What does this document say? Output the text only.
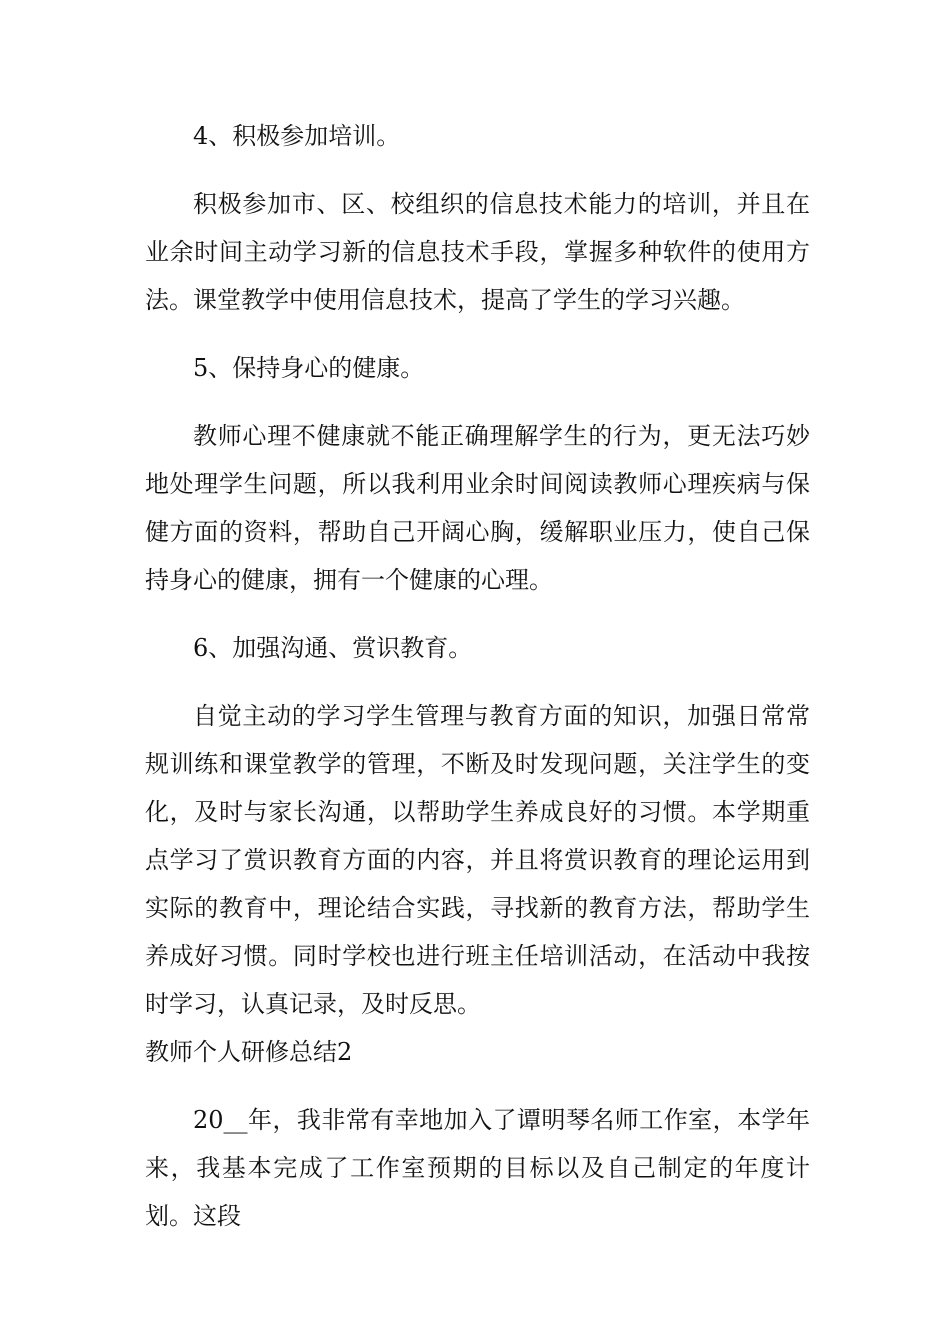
4、积极参加培训。

积极参加市、区、校组织的信息技术能力的培训，并且在业余时间主动学习新的信息技术手段，掌握多种软件的使用方法。课堂教学中使用信息技术，提高了学生的学习兴趣。

5、保持身心的健康。

教师心理不健康就不能正确理解学生的行为，更无法巧妙地处理学生问题，所以我利用业余时间阅读教师心理疾病与保健方面的资料，帮助自己开阔心胸，缓解职业压力，使自己保持身心的健康，拥有一个健康的心理。

6、加强沟通、赏识教育。

自觉主动的学习学生管理与教育方面的知识，加强日常常规训练和课堂教学的管理，不断及时发现问题，关注学生的变化，及时与家长沟通，以帮助学生养成良好的习惯。本学期重点学习了赏识教育方面的内容，并且将赏识教育的理论运用到实际的教育中，理论结合实践，寻找新的教育方法，帮助学生养成好习惯。同时学校也进行班主任培训活动，在活动中我按时学习，认真记录，及时反思。

教师个人研修总结2

20__年，我非常有幸地加入了谭明琴名师工作室，本学年来，我基本完成了工作室预期的目标以及自己制定的年度计划。这段
